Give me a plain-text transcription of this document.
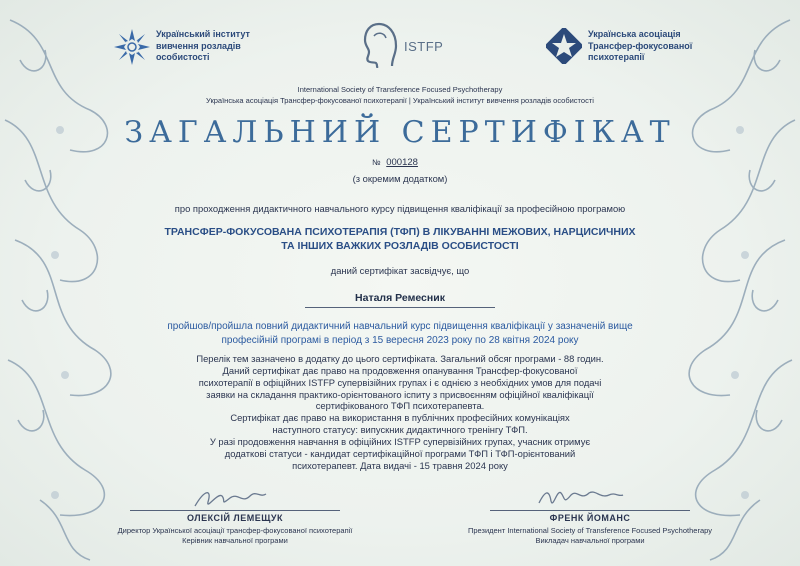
Український інститут
вивчення розладів
особистості
ISTFP
Українська асоціація
Трансфер-фокусованої
психотерапії
International Society of Transference Focused Psychotherapy
Українська асоціація Трансфер-фокусованої психотерапії | Український інститут вивчення розладів особистості
ЗАГАЛЬНИЙ СЕРТИФІКАТ
№ 000128
(з окремим додатком)
про проходження дидактичного навчального курсу підвищення кваліфікації за професійною програмою
ТРАНСФЕР-ФОКУСОВАНА ПСИХОТЕРАПІЯ (ТФП) В ЛІКУВАННІ МЕЖОВИХ, НАРЦИСИЧНИХ
ТА ІНШИХ ВАЖКИХ РОЗЛАДІВ ОСОБИСТОСТІ
даний сертифікат засвідчує, що
Наталя Ремесник
пройшов/пройшла повний дидактичний навчальний курс підвищення кваліфікації у зазначеній вище
професійній програмі в період з 15 вересня 2023 року по 28 квітня 2024 року
Перелік тем зазначено в додатку до цього сертифіката. Загальний обсяг програми - 88 годин.
Даний сертифікат дає право на продовження опанування Трансфер-фокусованої
психотерапії в офіційних ISTFP супервізійних групах і є однією з необхідних умов для подачі
заявки на складання практико-орієнтованого іспиту з присвоєнням офіційної кваліфікації
сертифікованого ТФП психотерапевта.
Сертифікат дає право на використання в публічних професійних комунікаціях
наступного статусу: випускник дидактичного тренінгу ТФП.
У разі продовження навчання в офіційних ISTFP супервізійних групах, учасник отримує
додаткові статуси - кандидат сертифікаційної програми ТФП і ТФП-орієнтований
психотерапевт. Дата видачі - 15 травня 2024 року
ОЛЕКСІЙ ЛЕМЕЩУК
Директор Української асоціації трансфер-фокусованої психотерапії
Керівник навчальної програми
ФРЕНК ЙОМАНС
Президент International Society of Transference Focused Psychotherapy
Викладач навчальної програми
